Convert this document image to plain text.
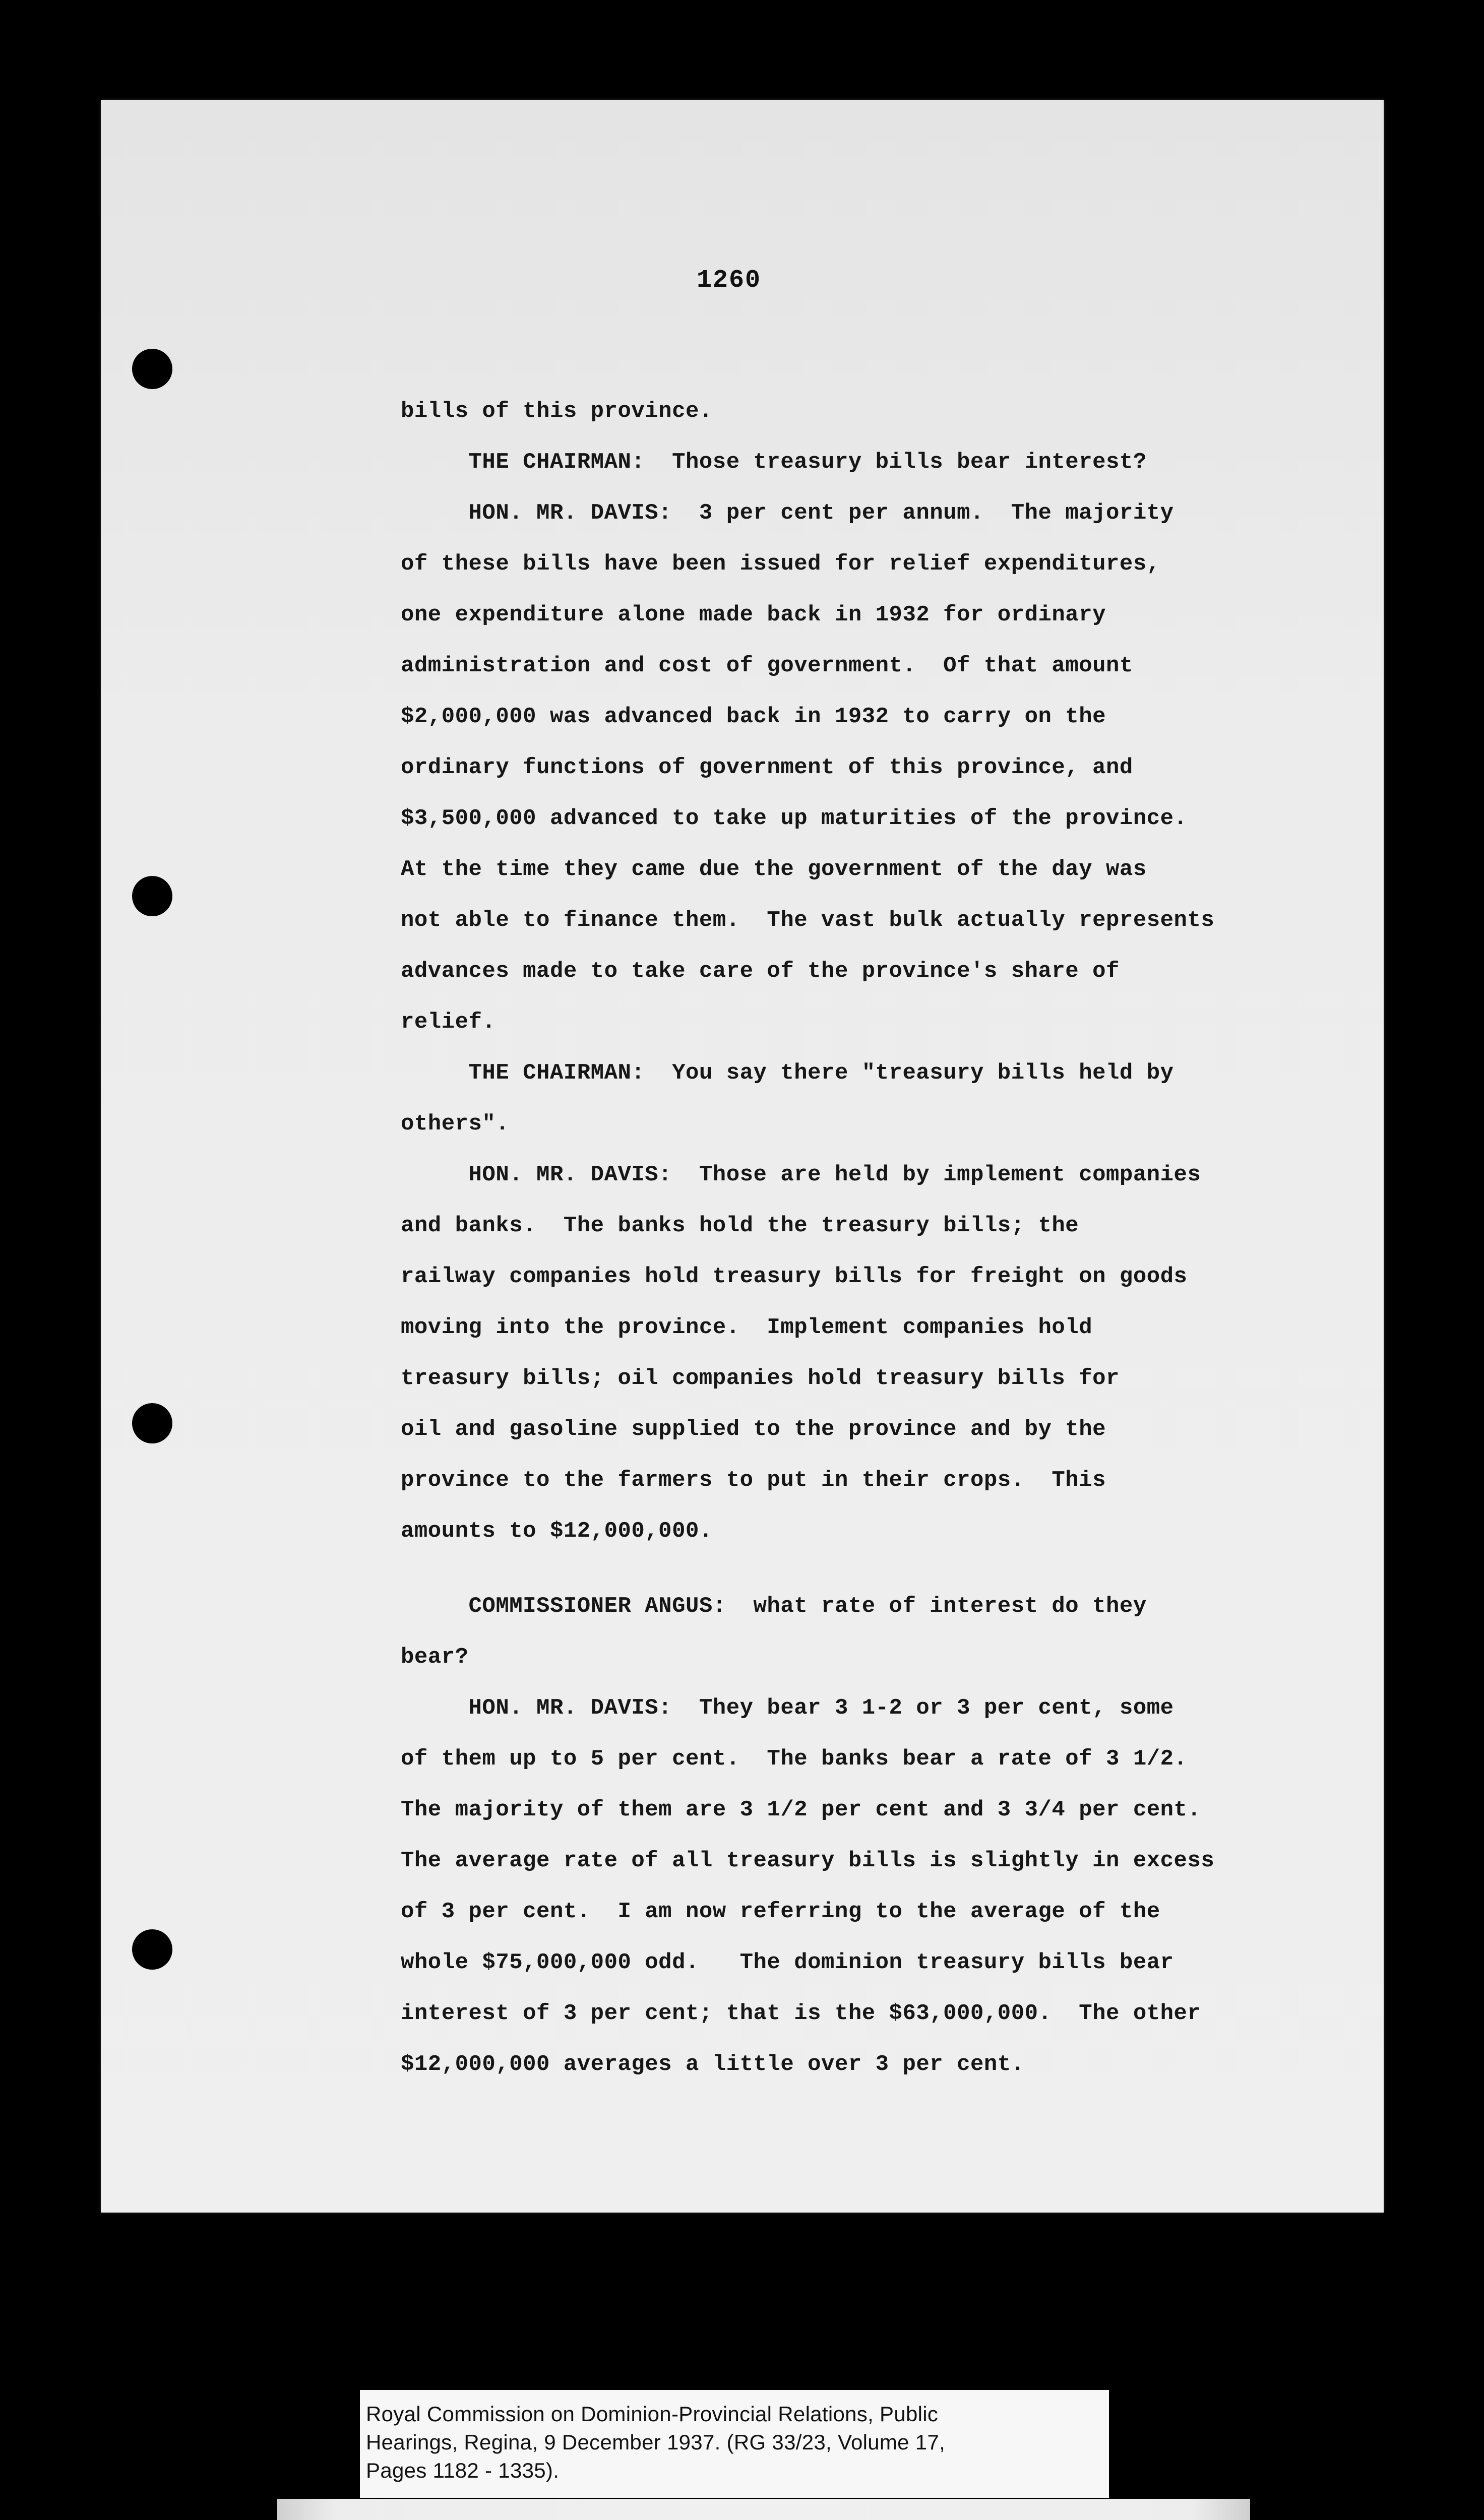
1260
bills of this province.
THE CHAIRMAN:  Those treasury bills bear interest?
HON. MR. DAVIS:  3 per cent per annum.  The majority
of these bills have been issued for relief expenditures,
one expenditure alone made back in 1932 for ordinary
administration and cost of government.  Of that amount
$2,000,000 was advanced back in 1932 to carry on the
ordinary functions of government of this province, and
$3,500,000 advanced to take up maturities of the province.
At the time they came due the government of the day was
not able to finance them.  The vast bulk actually represents
advances made to take care of the province's share of
relief.
THE CHAIRMAN:  You say there "treasury bills held by
others".
HON. MR. DAVIS:  Those are held by implement companies
and banks.  The banks hold the treasury bills; the
railway companies hold treasury bills for freight on goods
moving into the province.  Implement companies hold
treasury bills; oil companies hold treasury bills for
oil and gasoline supplied to the province and by the
province to the farmers to put in their crops.  This
amounts to $12,000,000.
COMMISSIONER ANGUS:  what rate of interest do they
bear?
HON. MR. DAVIS:  They bear 3 1-2 or 3 per cent, some
of them up to 5 per cent.  The banks bear a rate of 3 1/2.
The majority of them are 3 1/2 per cent and 3 3/4 per cent.
The average rate of all treasury bills is slightly in excess
of 3 per cent.  I am now referring to the average of the
whole $75,000,000 odd.   The dominion treasury bills bear
interest of 3 per cent; that is the $63,000,000.  The other
$12,000,000 averages a little over 3 per cent.
Royal Commission on Dominion-Provincial Relations, Public
Hearings, Regina, 9 December 1937. (RG 33/23, Volume 17,
Pages 1182 - 1335).
